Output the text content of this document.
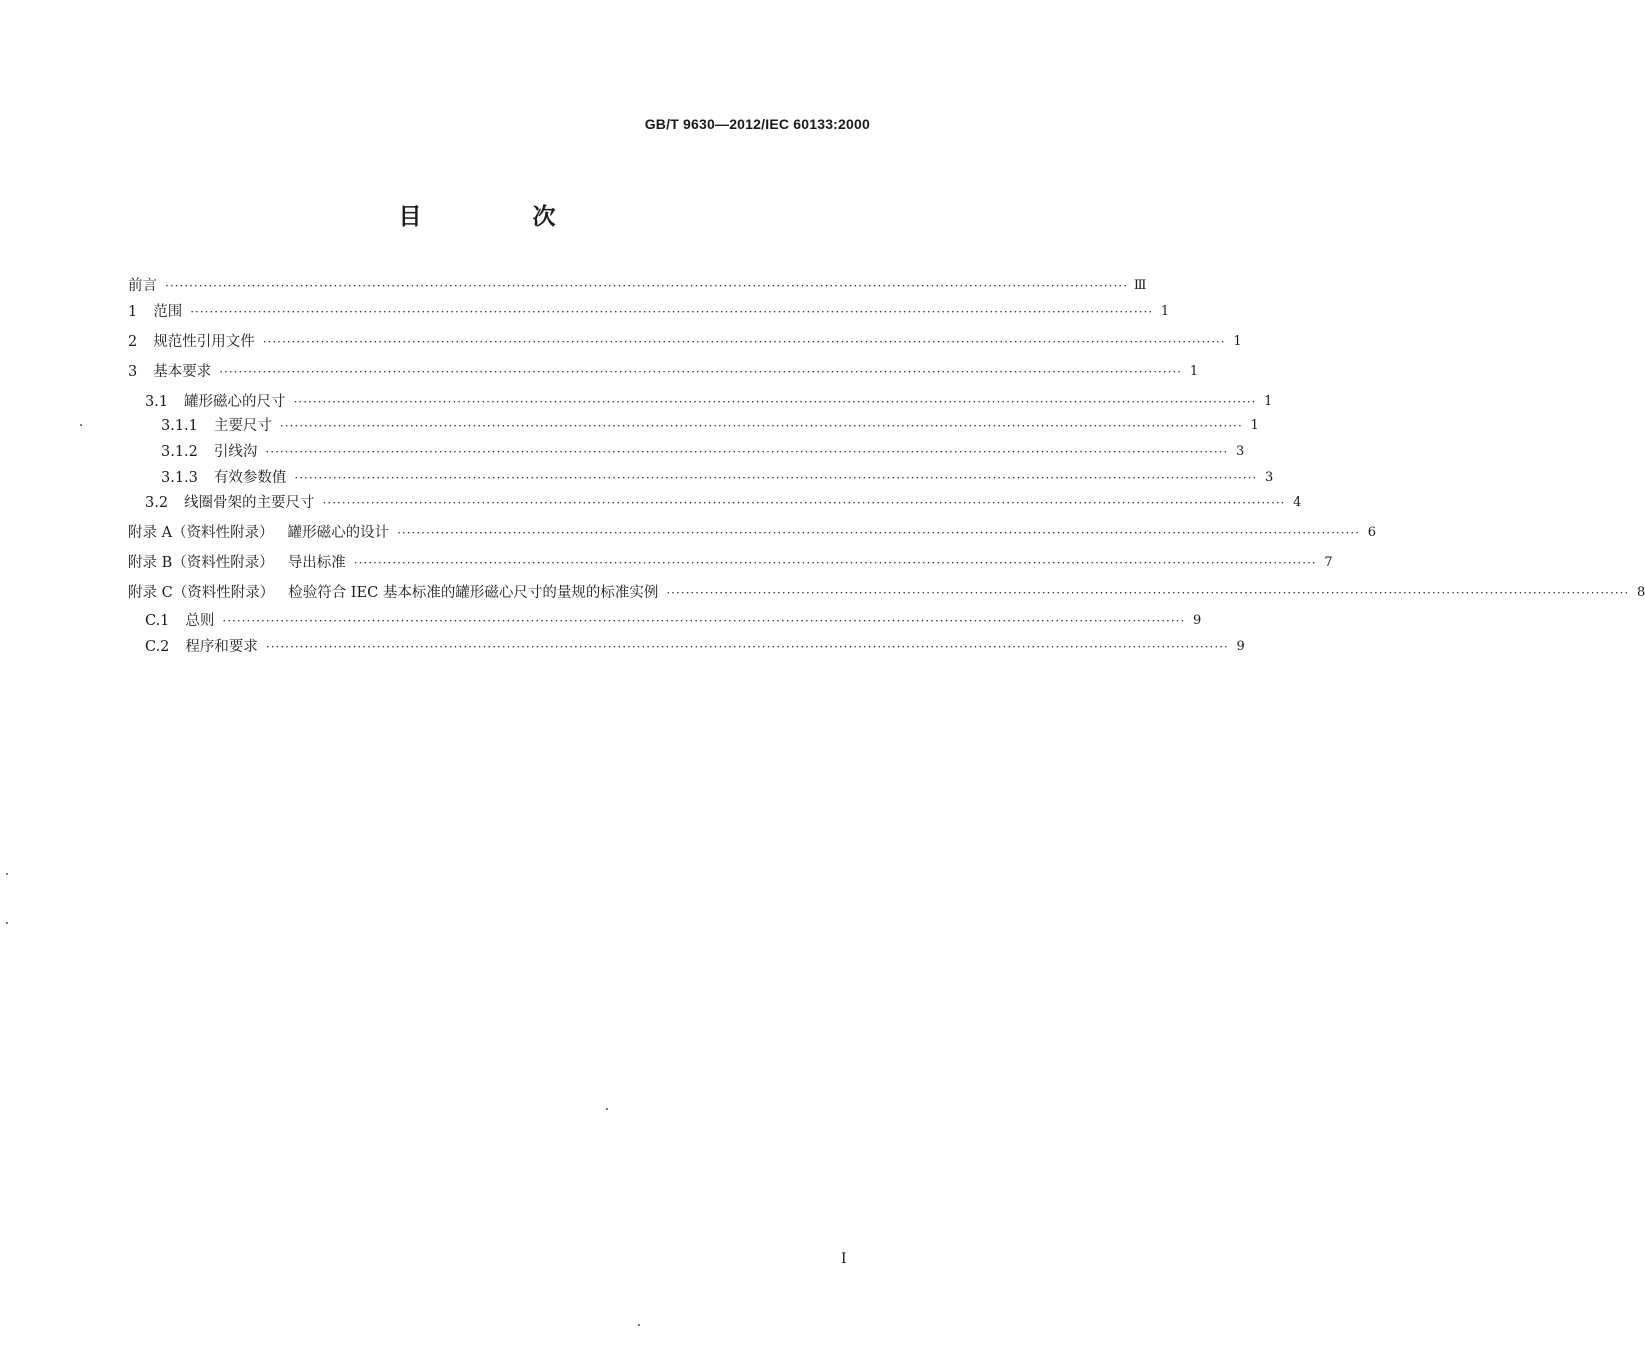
GB/T 9630—2012/IEC 60133:2000
目　次
前言 ········································································································································································································ Ⅲ
1 范围 ········································································································································································································ 1
2 规范性引用文件 ········································································································································································································ 1
3 基本要求 ········································································································································································································ 1
3.1 罐形磁心的尺寸 ········································································································································································································ 1
3.1.1 主要尺寸 ········································································································································································································ 1
3.1.2 引线沟 ········································································································································································································ 3
3.1.3 有效参数值 ········································································································································································································ 3
3.2 线圈骨架的主要尺寸 ········································································································································································································ 4
附录 A（资料性附录） 罐形磁心的设计 ········································································································································································································ 6
附录 B（资料性附录） 导出标准 ········································································································································································································ 7
附录 C（资料性附录） 检验符合 IEC 基本标准的罐形磁心尺寸的量规的标准实例 ········································································································································································································ 8
C.1 总则 ········································································································································································································ 9
C.2 程序和要求 ········································································································································································································ 9
Ⅰ
